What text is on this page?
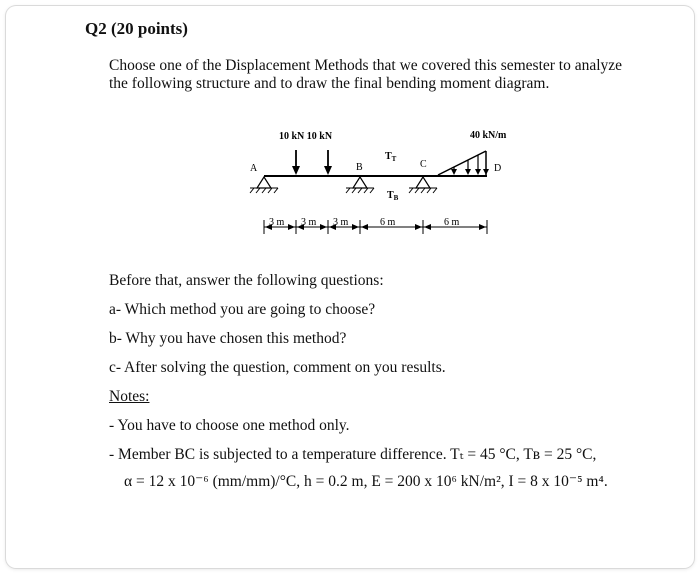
Q2 (20 points)
Choose one of the Displacement Methods that we covered this semester to analyze
the following structure and to draw the final bending moment diagram.
10 kN 10 kN	40 kN/m
A	B	C	D
$T_T$
$T_B$
3 m 3 m 3 m	6 m	6 m
Before that, answer the following questions:
a- Which method you are going to choose?
b- Why you have chosen this method?
c- After solving the question, comment on you results.
Notes:
- You have to choose one method only.
- Member BC is subjected to a temperature difference. Tₜ = 45 °C, Tʙ = 25 °C,
α = 12 x 10⁻⁶ (mm/mm)/°C, h = 0.2 m, E = 200 x 10⁶ kN/m², I = 8 x 10⁻⁵ m⁴.
